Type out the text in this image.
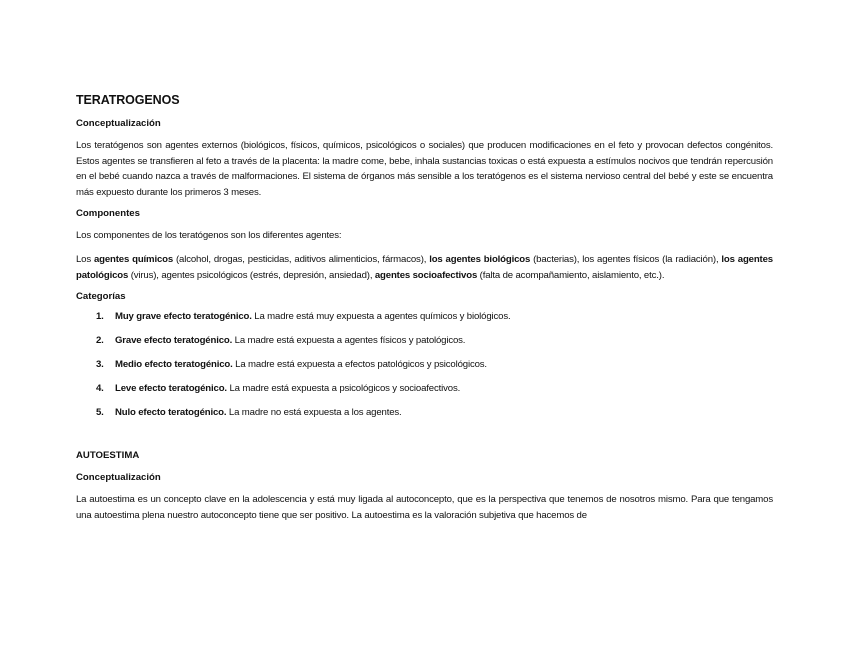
TERATROGENOS
Conceptualización
Los teratógenos son agentes externos (biológicos, físicos, químicos, psicológicos o sociales) que producen modificaciones en el feto y provocan defectos congénitos. Estos agentes se transfieren al feto a través de la placenta: la madre come, bebe, inhala sustancias toxicas o está expuesta a estímulos nocivos que tendrán repercusión en el bebé cuando nazca a través de malformaciones. El sistema de órganos más sensible a los teratógenos es el sistema nervioso central del bebé y este se encuentra más expuesto durante los primeros 3 meses.
Componentes
Los componentes de los teratógenos son los diferentes agentes:
Los agentes químicos (alcohol, drogas, pesticidas, aditivos alimenticios, fármacos), los agentes biológicos (bacterias), los agentes físicos (la radiación), los agentes patológicos (virus), agentes psicológicos (estrés, depresión, ansiedad), agentes socioafectivos (falta de acompañamiento, aislamiento, etc.).
Categorías
1.	Muy grave efecto teratogénico. La madre está muy expuesta a agentes químicos y biológicos.
2.	Grave efecto teratogénico. La madre está expuesta a agentes físicos y patológicos.
3.	Medio efecto teratogénico. La madre está expuesta a efectos patológicos y psicológicos.
4.	Leve efecto teratogénico. La madre está expuesta a psicológicos y socioafectivos.
5.	Nulo efecto teratogénico. La madre no está expuesta a los agentes.
AUTOESTIMA
Conceptualización
La autoestima es un concepto clave en la adolescencia y está muy ligada al autoconcepto, que es la perspectiva que tenemos de nosotros mismo. Para que tengamos una autoestima plena nuestro autoconcepto tiene que ser positivo. La autoestima es la valoración subjetiva que hacemos de
